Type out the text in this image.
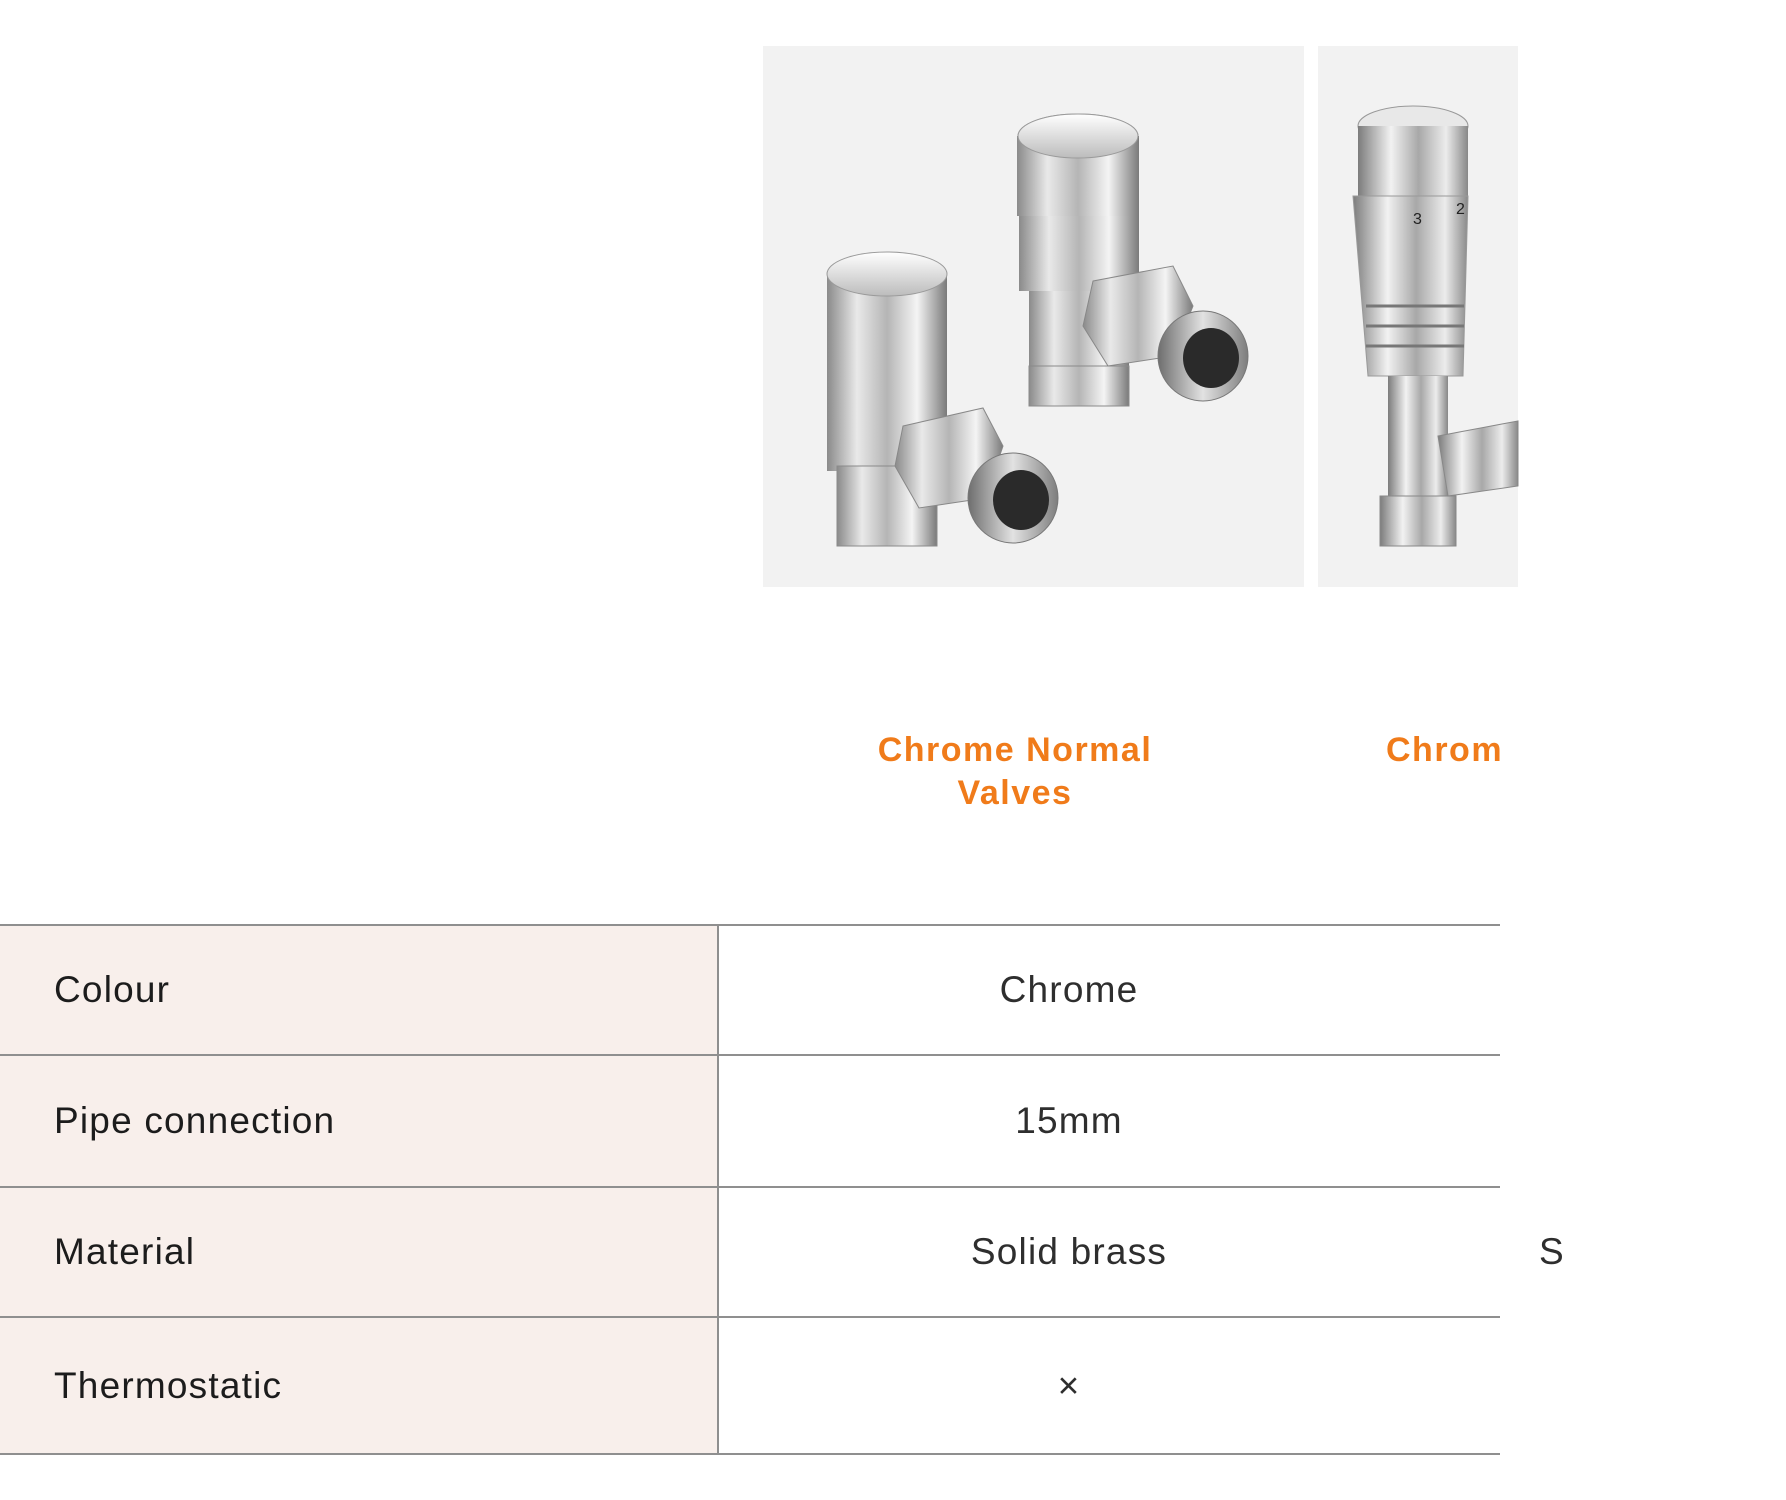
3
2
Chrome Normal
Valves
Chrom
Colour	Chrome	
Pipe connection	15mm	
Material	Solid brass	S
Thermostatic	×	
